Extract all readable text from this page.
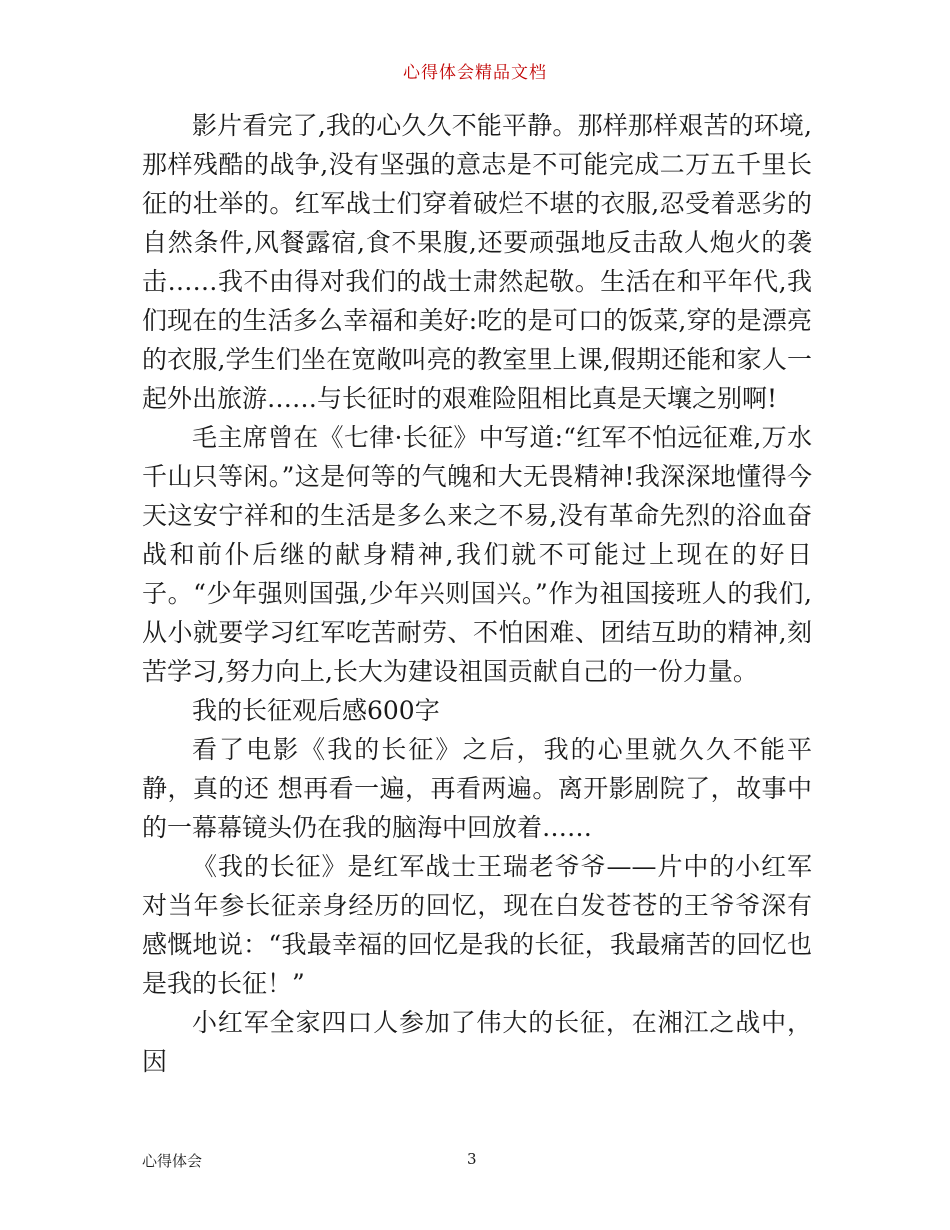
心得体会精品文档

影片看完了,我的心久久不能平静。那样那样艰苦的环境,那样残酷的战争,没有坚强的意志是不可能完成二万五千里长征的壮举的。红军战士们穿着破烂不堪的衣服,忍受着恶劣的自然条件,风餐露宿,食不果腹,还要顽强地反击敌人炮火的袭击……我不由得对我们的战士肃然起敬。生活在和平年代,我们现在的生活多么幸福和美好:吃的是可口的饭菜,穿的是漂亮的衣服,学生们坐在宽敞叫亮的教室里上课,假期还能和家人一起外出旅游……与长征时的艰难险阻相比真是天壤之别啊!

毛主席曾在《七律·长征》中写道:“红军不怕远征难,万水千山只等闲。”这是何等的气魄和大无畏精神!我深深地懂得今天这安宁祥和的生活是多么来之不易,没有革命先烈的浴血奋战和前仆后继的献身精神,我们就不可能过上现在的好日子。“少年强则国强,少年兴则国兴。”作为祖国接班人的我们,从小就要学习红军吃苦耐劳、不怕困难、团结互助的精神,刻苦学习,努力向上,长大为建设祖国贡献自己的一份力量。

我的长征观后感600字

看了电影《我的长征》之后，我的心里就久久不能平静，真的还 想再看一遍，再看两遍。离开影剧院了，故事中的一幕幕镜头仍在我的脑海中回放着……

《我的长征》是红军战士王瑞老爷爷——片中的小红军对当年参长征亲身经历的回忆，现在白发苍苍的王爷爷深有感慨地说：“我最幸福的回忆是我的长征，我最痛苦的回忆也是我的长征！”

小红军全家四口人参加了伟大的长征，在湘江之战中，因

心得体会	3
